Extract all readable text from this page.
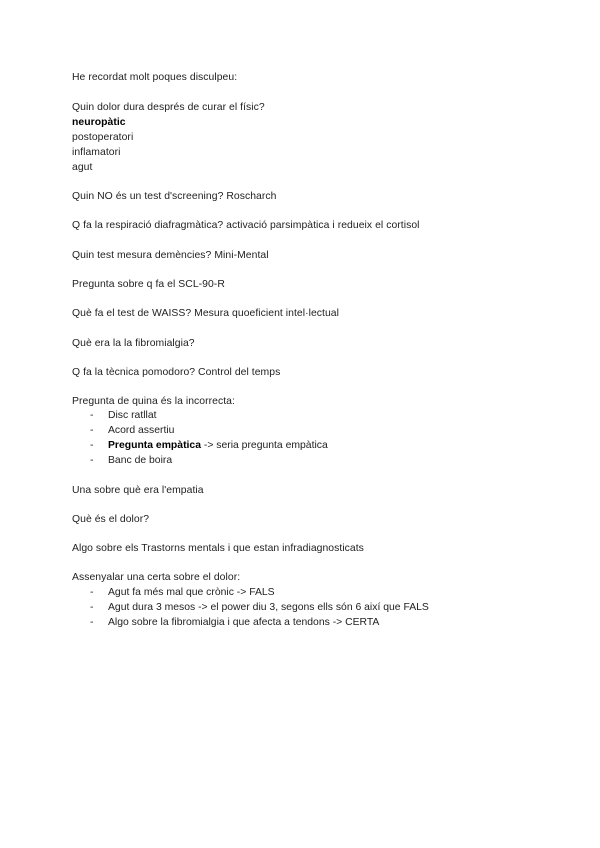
He recordat molt poques disculpeu:
Quin dolor dura després de curar el físic?
neuropàtic
postoperatori
inflamatori
agut
Quin NO és un test d'screening? Roscharch
Q fa la respiració diafragmàtica? activació parsimpàtica i redueix el cortisol
Quin test mesura demències? Mini-Mental
Pregunta sobre q fa el SCL-90-R
Què fa el test de WAISS? Mesura quoeficient intel·lectual
Què era la la fibromialgia?
Q fa la tècnica pomodoro? Control del temps
Pregunta de quina és la incorrecta:
- Disc ratllat
- Acord assertiu
- Pregunta empàtica -> seria pregunta empàtica
- Banc de boira
Una sobre què era l'empatia
Què és el dolor?
Algo sobre els Trastorns mentals i que estan infradiagnosticats
Assenyalar una certa sobre el dolor:
- Agut fa més mal que crònic -> FALS
- Agut dura 3 mesos -> el power diu 3, segons ells són 6 així que FALS
- Algo sobre la fibromialgia i que afecta a tendons -> CERTA
